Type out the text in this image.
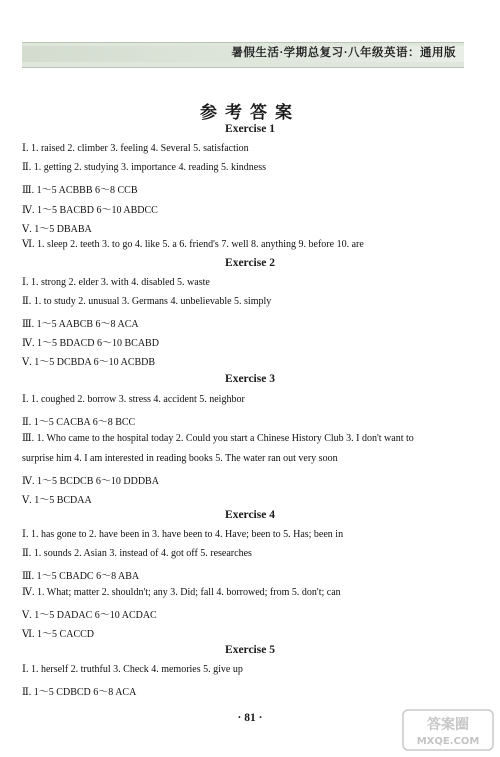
暑假生活·学期总复习·八年级英语：通用版
参考答案
Exercise 1
Ⅰ. 1. raised 2. climber 3. feeling 4. Several 5. satisfaction
Ⅱ. 1. getting 2. studying 3. importance 4. reading 5. kindness
Ⅲ. 1～5 ACBBB 6～8 CCB
Ⅳ. 1～5 BACBD 6～10 ABDCC
Ⅴ. 1～5 DBABA
Ⅵ. 1. sleep 2. teeth 3. to go 4. like 5. a 6. friend's 7. well 8. anything 9. before 10. are
Exercise 2
Ⅰ. 1. strong 2. elder 3. with 4. disabled 5. waste
Ⅱ. 1. to study 2. unusual 3. Germans 4. unbelievable 5. simply
Ⅲ. 1～5 AABCB 6～8 ACA
Ⅳ. 1～5 BDACD 6～10 BCABD
Ⅴ. 1～5 DCBDA 6～10 ACBDB
Exercise 3
Ⅰ. 1. coughed 2. borrow 3. stress 4. accident 5. neighbor
Ⅱ. 1～5 CACBA 6～8 BCC
Ⅲ. 1. Who came to the hospital today 2. Could you start a Chinese History Club 3. I don't want to
surprise him 4. I am interested in reading books 5. The water ran out very soon
Ⅳ. 1～5 BCDCB 6～10 DDDBA
Ⅴ. 1～5 BCDAA
Exercise 4
Ⅰ. 1. has gone to 2. have been in 3. have been to 4. Have; been to 5. Has; been in
Ⅱ. 1. sounds 2. Asian 3. instead of 4. got off 5. researches
Ⅲ. 1～5 CBADC 6～8 ABA
Ⅳ. 1. What; matter 2. shouldn't; any 3. Did; fall 4. borrowed; from 5. don't; can
Ⅴ. 1～5 DADAC 6～10 ACDAC
Ⅵ. 1～5 CACCD
Exercise 5
Ⅰ. 1. herself 2. truthful 3. Check 4. memories 5. give up
Ⅱ. 1～5 CDBCD 6～8 ACA
· 81 ·	答案圈
MXQE.COM
